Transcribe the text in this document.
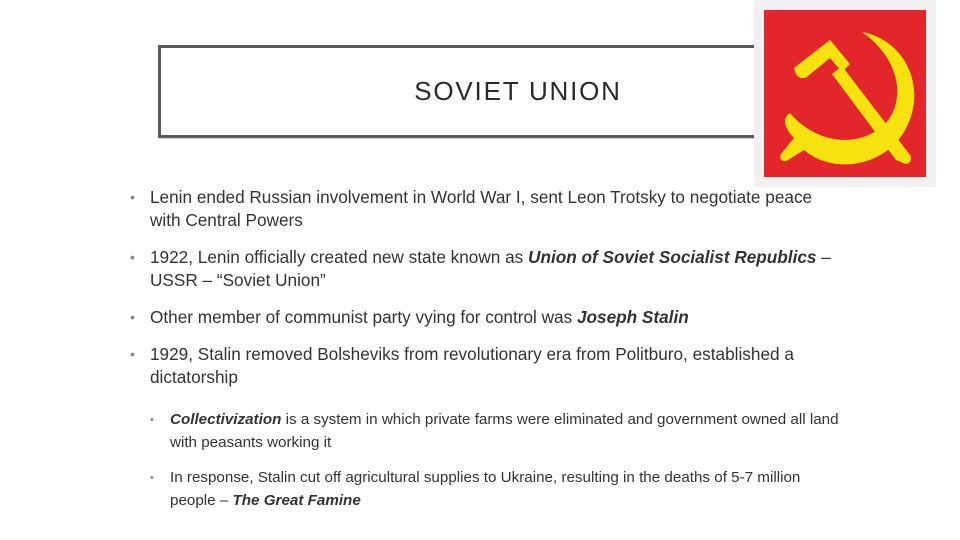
SOVIET UNION
• Lenin ended Russian involvement in World War I, sent Leon Trotsky to negotiate peace with Central Powers
• 1922, Lenin officially created new state known as Union of Soviet Socialist Republics – USSR – “Soviet Union”
• Other member of communist party vying for control was Joseph Stalin
• 1929, Stalin removed Bolsheviks from revolutionary era from Politburo, established a dictatorship
• Collectivization is a system in which private farms were eliminated and government owned all land with peasants working it
• In response, Stalin cut off agricultural supplies to Ukraine, resulting in the deaths of 5-7 million people – The Great Famine
